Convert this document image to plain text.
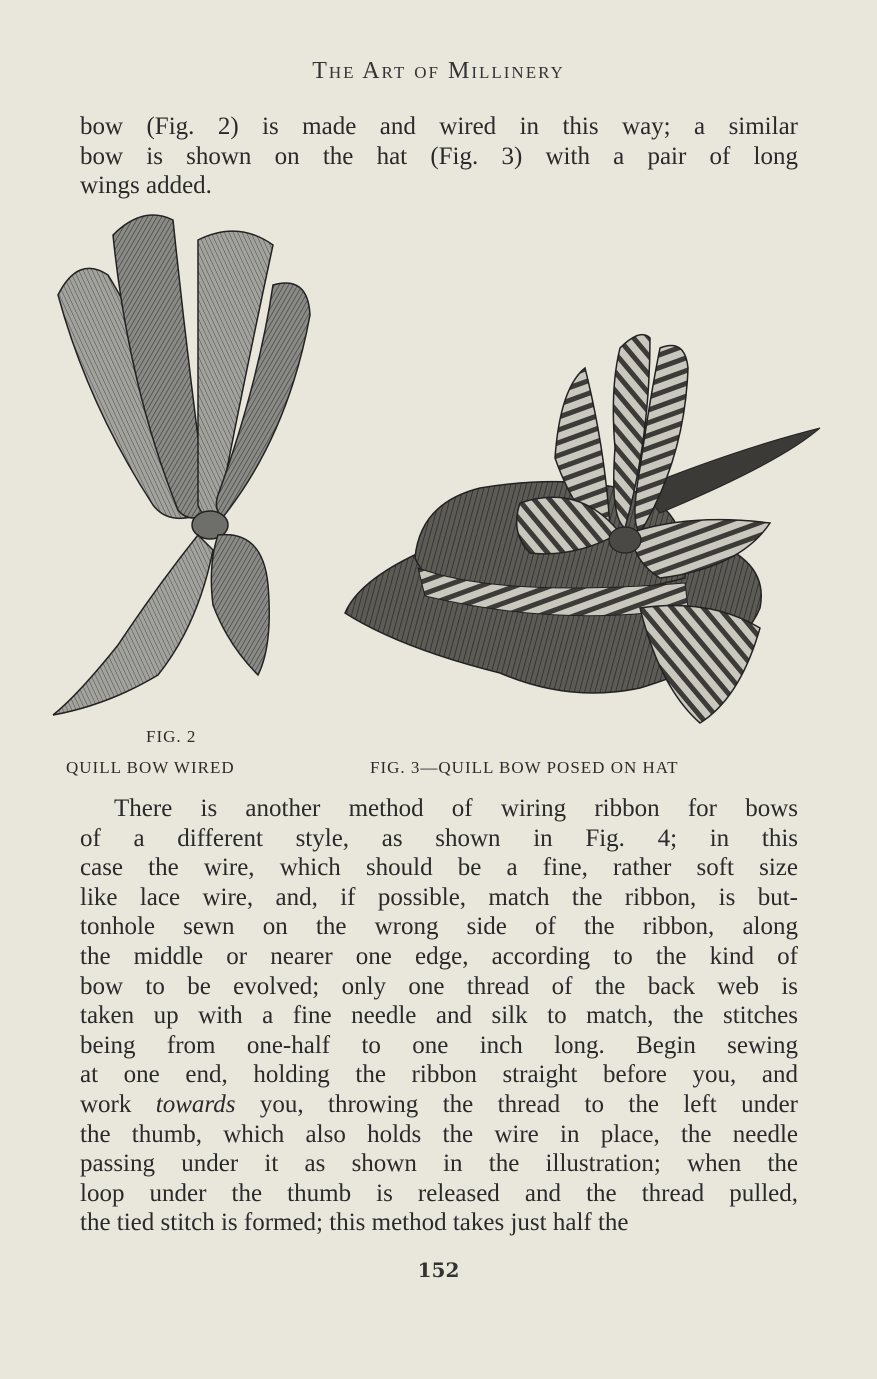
The Art of Millinery

bow (Fig. 2) is made and wired in this way; a similar
bow is shown on the hat (Fig. 3) with a pair of long
wings added.

FIG. 2
QUILL BOW WIRED	FIG. 3—QUILL BOW POSED ON HAT

There is another method of wiring ribbon for bows
of a different style, as shown in Fig. 4; in this
case the wire, which should be a fine, rather soft size
like lace wire, and, if possible, match the ribbon, is but-
tonhole sewn on the wrong side of the ribbon, along
the middle or nearer one edge, according to the kind of
bow to be evolved; only one thread of the back web is
taken up with a fine needle and silk to match, the stitches
being from one-half to one inch long. Begin sewing
at one end, holding the ribbon straight before you, and
work towards you, throwing the thread to the left under
the thumb, which also holds the wire in place, the needle
passing under it as shown in the illustration; when the
loop under the thumb is released and the thread pulled,
the tied stitch is formed; this method takes just half the

152
